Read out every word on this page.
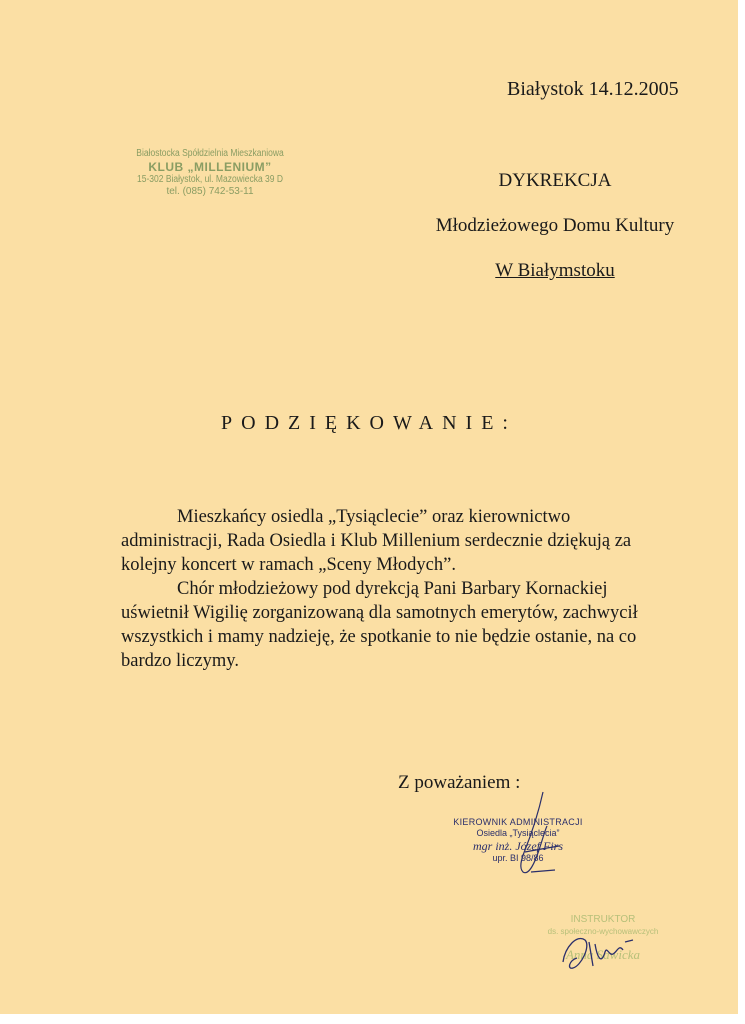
Białystok 14.12.2005
Białostocka Spółdzielnia Mieszkaniowa
KLUB „MILLENIUM”
15-302 Białystok, ul. Mazowiecka 39 D
tel. (085) 742-53-11
DYKREKCJA
Młodzieżowego Domu Kultury
W Białymstoku
PODZIĘKOWANIE:

Mieszkańcy osiedla „Tysiąclecie” oraz kierownictwo administracji, Rada Osiedla i Klub Millenium serdecznie dziękują za kolejny koncert w ramach „Sceny Młodych”.

Chór młodzieżowy pod dyrekcją Pani Barbary Kornackiej uświetnił Wigilię zorganizowaną dla samotnych emerytów, zachwycił wszystkich i mamy nadzieję, że spotkanie to nie będzie ostanie, na co bardzo liczymy.

Z poważaniem :
KIEROWNIK ADMINISTRACJI
Osiedla „Tysiąclecia”
mgr inż. Józef Firs
upr. BI 98/86
INSTRUKTOR
ds. społeczno-wychowawczych
Anna Sawicka
